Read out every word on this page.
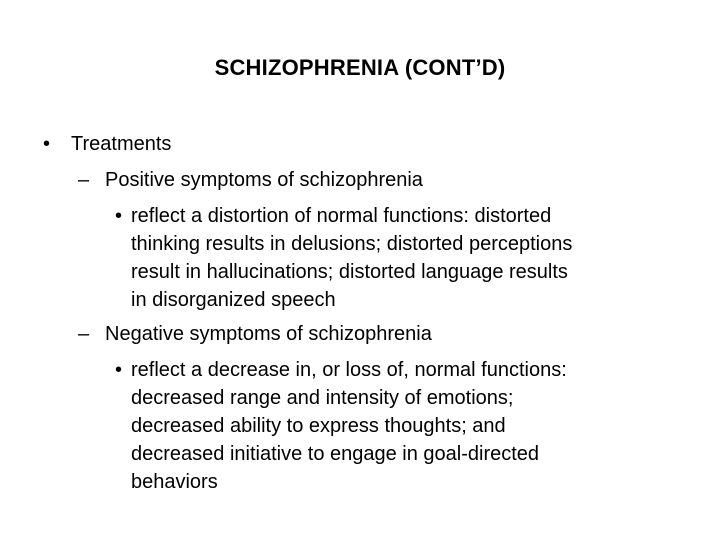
SCHIZOPHRENIA (CONT’D)
• Treatments
– Positive symptoms of schizophrenia
• reflect a distortion of normal functions: distorted
thinking results in delusions; distorted perceptions
result in hallucinations; distorted language results
in disorganized speech
– Negative symptoms of schizophrenia
• reflect a decrease in, or loss of, normal functions:
decreased range and intensity of emotions;
decreased ability to express thoughts; and
decreased initiative to engage in goal-directed
behaviors
